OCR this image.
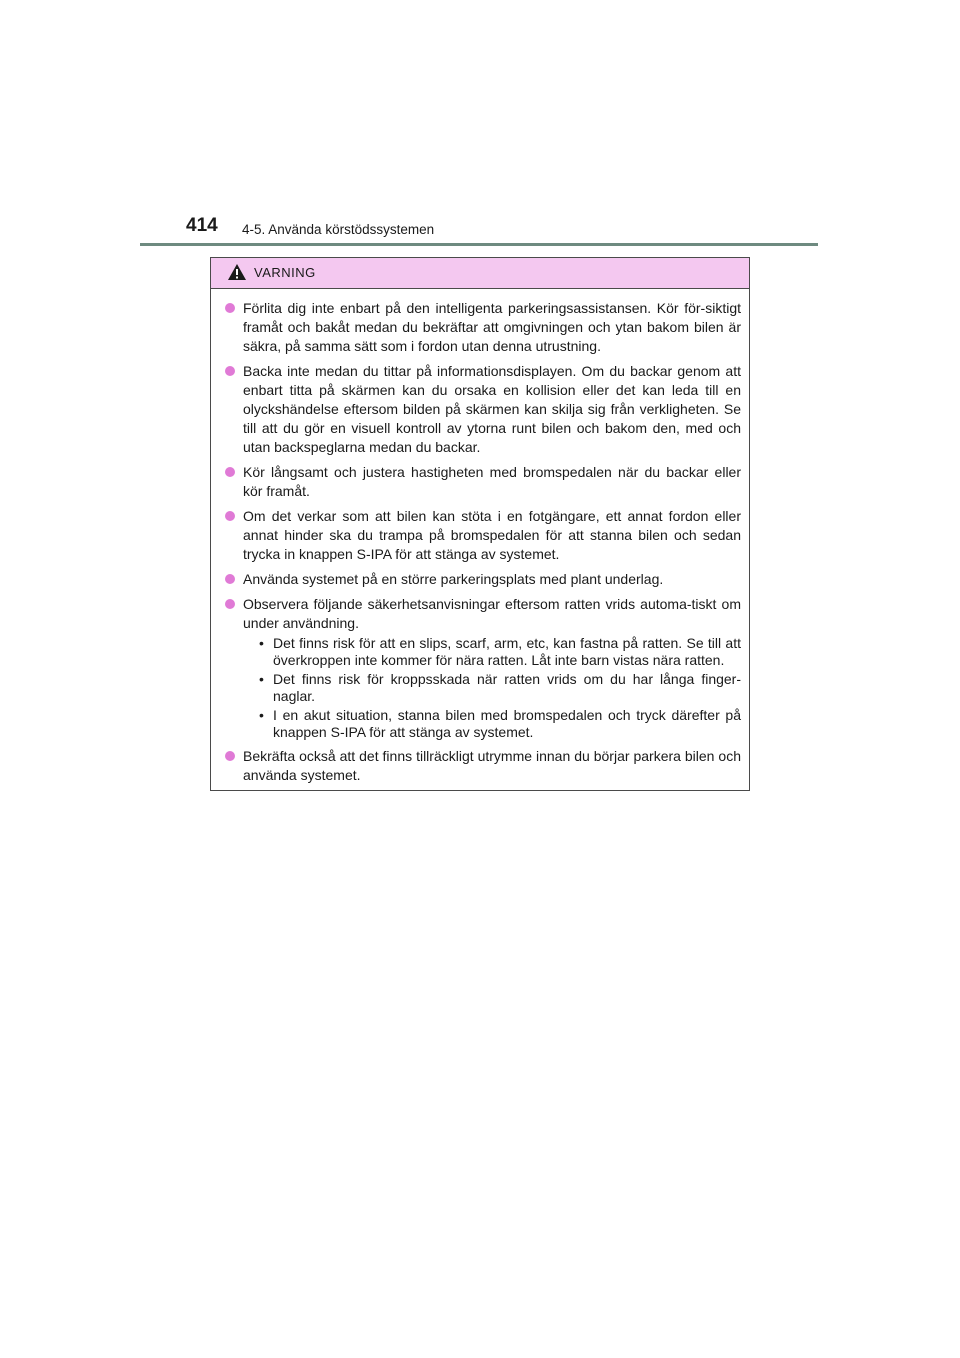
414 4-5. Använda körstödssystemen
VARNING
Förlita dig inte enbart på den intelligenta parkeringsassistansen. Kör för-siktigt framåt och bakåt medan du bekräftar att omgivningen och ytan bakom bilen är säkra, på samma sätt som i fordon utan denna utrustning.
Backa inte medan du tittar på informationsdisplayen. Om du backar genom att enbart titta på skärmen kan du orsaka en kollision eller det kan leda till en olyckshändelse eftersom bilden på skärmen kan skilja sig från verkligheten. Se till att du gör en visuell kontroll av ytorna runt bilen och bakom den, med och utan backspeglarna medan du backar.
Kör långsamt och justera hastigheten med bromspedalen när du backar eller kör framåt.
Om det verkar som att bilen kan stöta i en fotgängare, ett annat fordon eller annat hinder ska du trampa på bromspedalen för att stanna bilen och sedan trycka in knappen S-IPA för att stänga av systemet.
Använda systemet på en större parkeringsplats med plant underlag.
Observera följande säkerhetsanvisningar eftersom ratten vrids automa-tiskt om under användning.
• Det finns risk för att en slips, scarf, arm, etc, kan fastna på ratten. Se till att överkroppen inte kommer för nära ratten. Låt inte barn vistas nära ratten.
• Det finns risk för kroppsskada när ratten vrids om du har långa finger-naglar.
• I en akut situation, stanna bilen med bromspedalen och tryck därefter på knappen S-IPA för att stänga av systemet.
Bekräfta också att det finns tillräckligt utrymme innan du börjar parkera bilen och använda systemet.
